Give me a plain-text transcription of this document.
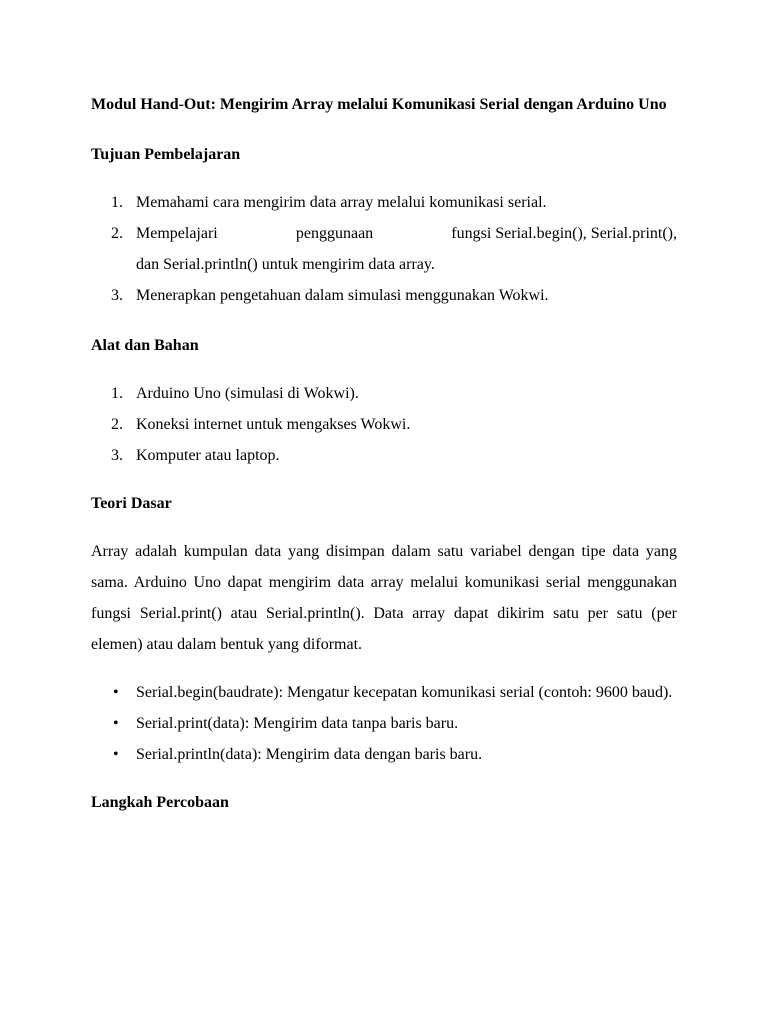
Modul Hand-Out: Mengirim Array melalui Komunikasi Serial dengan Arduino Uno

Tujuan Pembelajaran

1. Memahami cara mengirim data array melalui komunikasi serial.
2. Mempelajari	penggunaan	fungsi Serial.begin(), Serial.print(),
dan Serial.println() untuk mengirim data array.
3. Menerapkan pengetahuan dalam simulasi menggunakan Wokwi.

Alat dan Bahan

1. Arduino Uno (simulasi di Wokwi).
2. Koneksi internet untuk mengakses Wokwi.
3. Komputer atau laptop.

Teori Dasar

Array adalah kumpulan data yang disimpan dalam satu variabel dengan tipe data yang sama. Arduino Uno dapat mengirim data array melalui komunikasi serial menggunakan fungsi Serial.print() atau Serial.println(). Data array dapat dikirim satu per satu (per elemen) atau dalam bentuk yang diformat.

• Serial.begin(baudrate): Mengatur kecepatan komunikasi serial (contoh: 9600 baud).
• Serial.print(data): Mengirim data tanpa baris baru.
• Serial.println(data): Mengirim data dengan baris baru.

Langkah Percobaan
